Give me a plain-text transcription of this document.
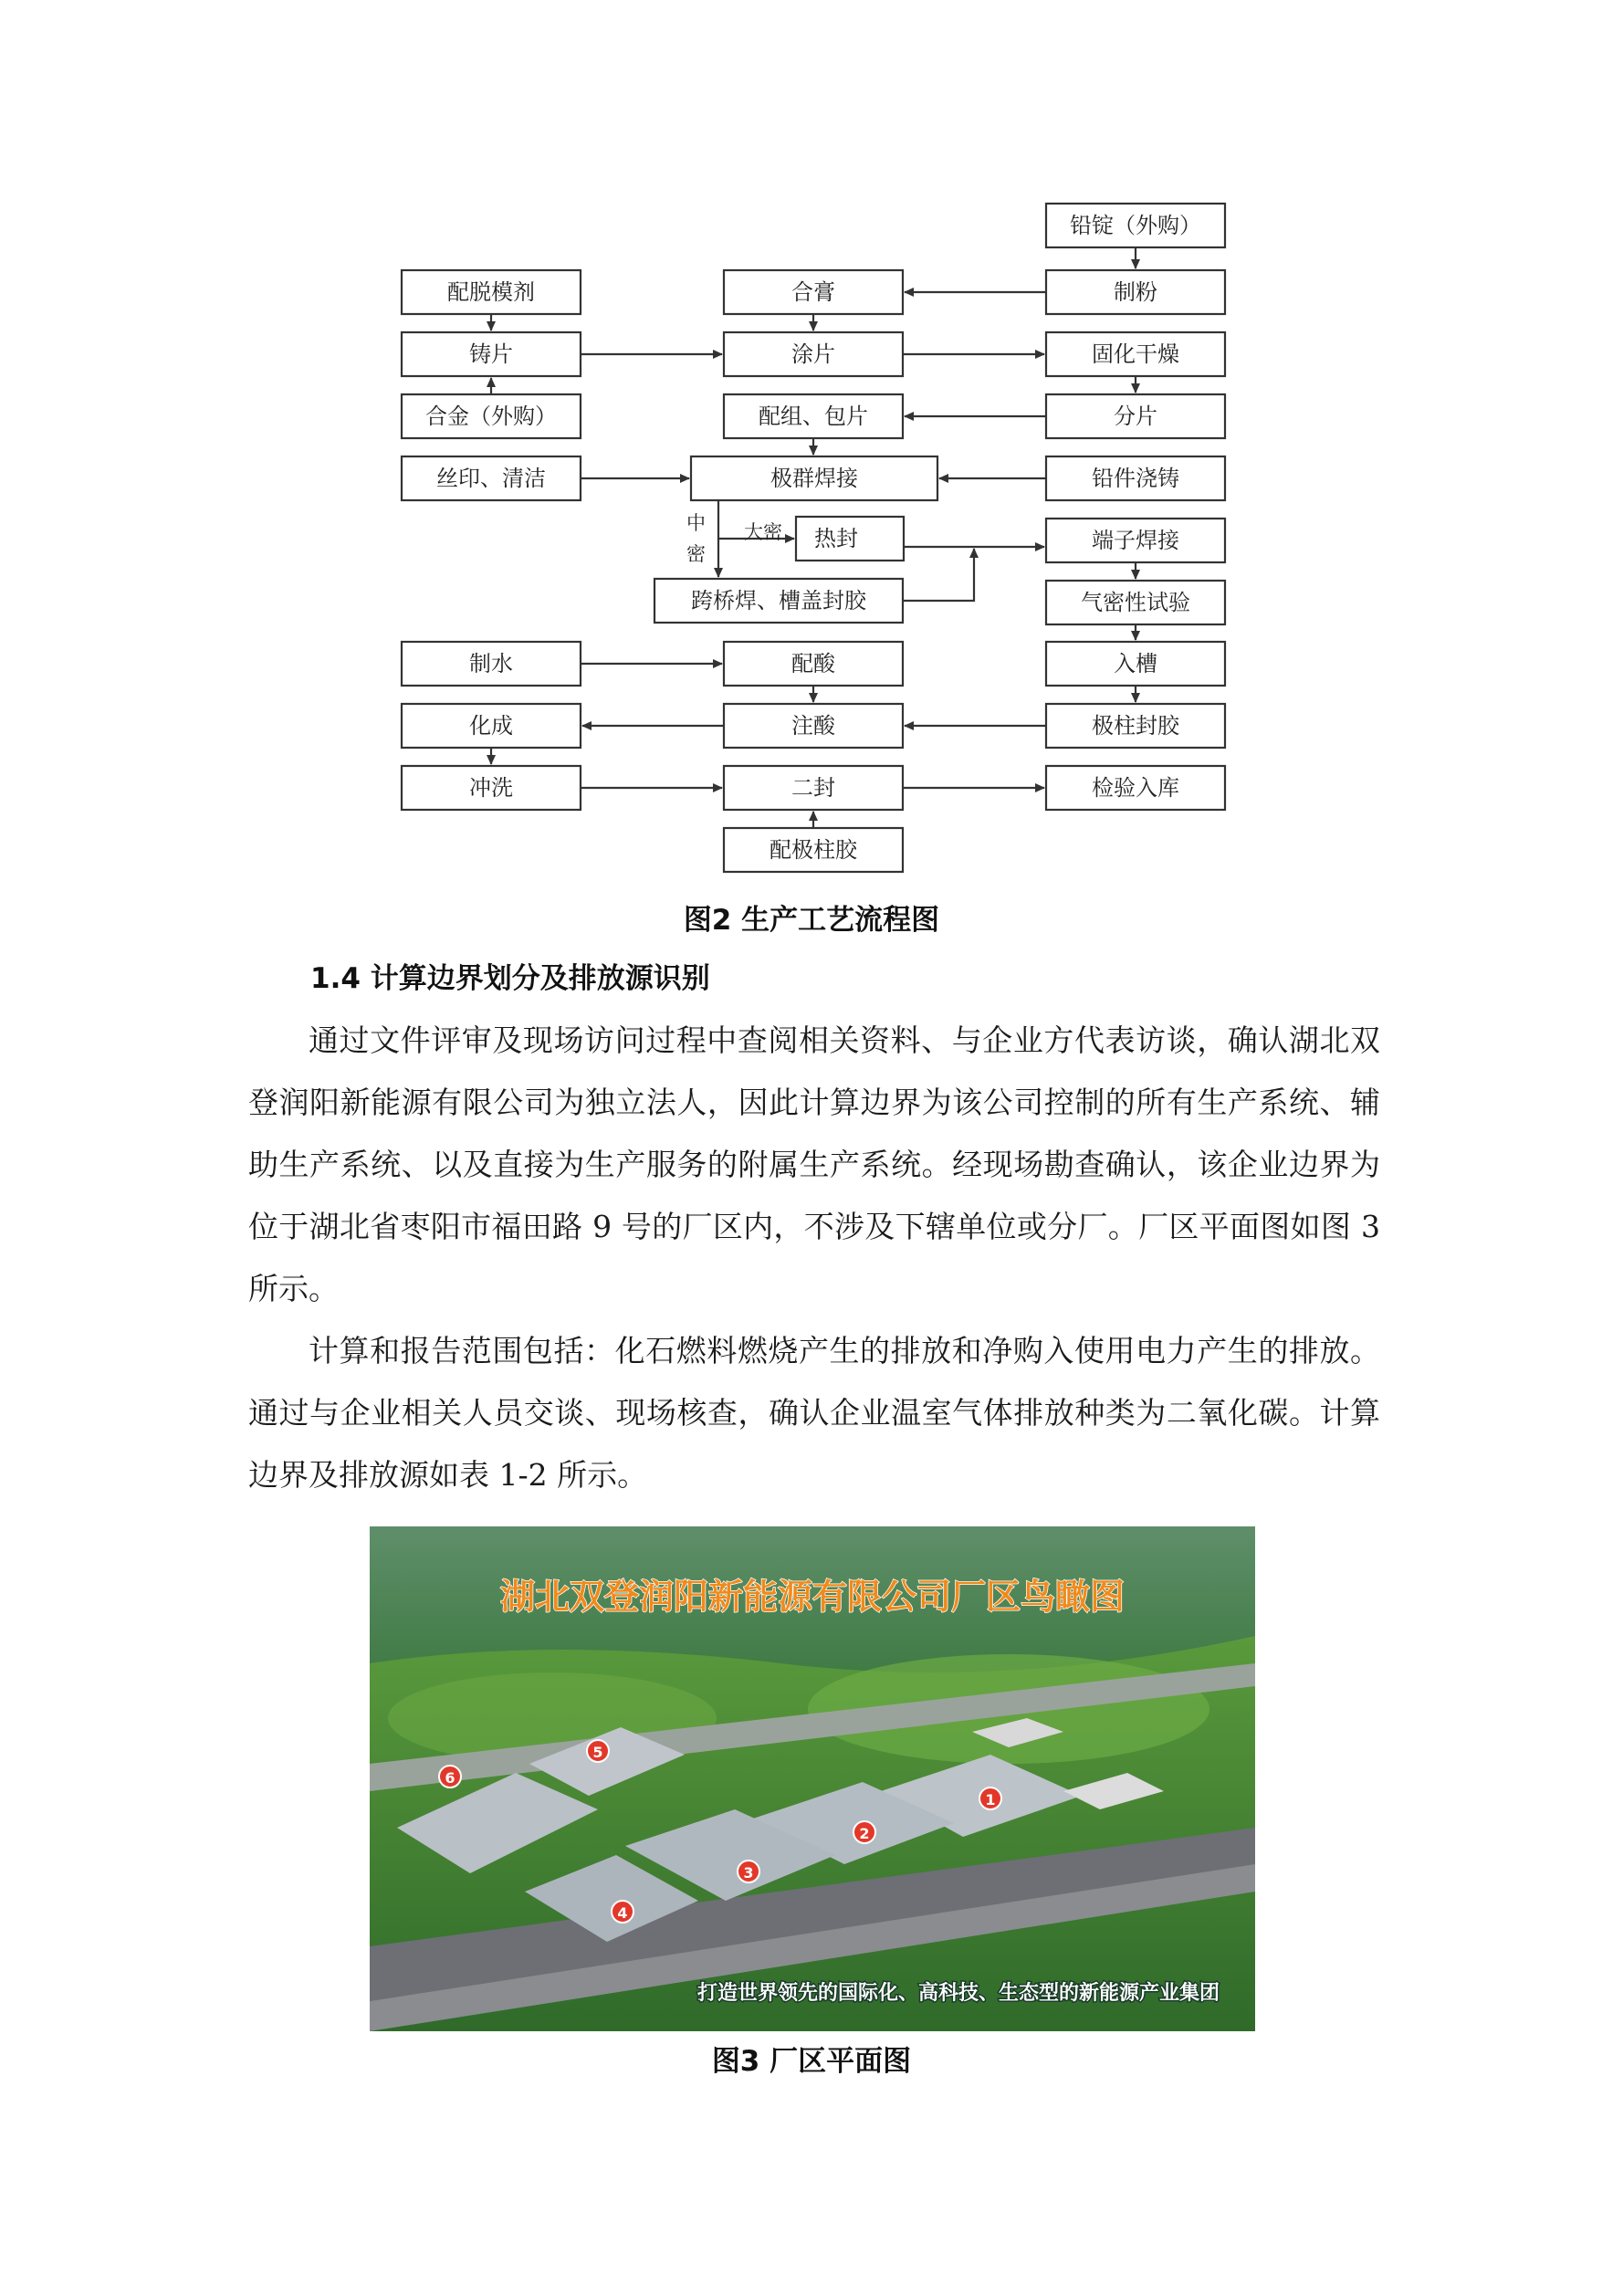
配脱模剂
铸片
合金（外购）
丝印、清洁
制水
化成
冲洗
合膏
涂片
配组、包片
极群焊接
热封
跨桥焊、槽盖封胶
配酸
注酸
二封
配极柱胶
铅锭（外购）
制粉
固化干燥
分片
铅件浇铸
端子焊接
气密性试验
入槽
极柱封胶
检验入库
大密
中
密
图2 生产工艺流程图
1.4 计算边界划分及排放源识别
通过文件评审及现场访问过程中查阅相关资料、与企业方代表访谈，确认湖北双登润阳新能源有限公司为独立法人，因此计算边界为该公司控制的所有生产系统、辅助生产系统、以及直接为生产服务的附属生产系统。经现场勘查确认，该企业边界为位于湖北省枣阳市福田路 9 号的厂区内，不涉及下辖单位或分厂。厂区平面图如图 3 所示。
计算和报告范围包括：化石燃料燃烧产生的排放和净购入使用电力产生的排放。通过与企业相关人员交谈、现场核查，确认企业温室气体排放种类为二氧化碳。计算边界及排放源如表 1-2 所示。
1
2
3
4
5
6
湖北双登润阳新能源有限公司厂区鸟瞰图
打造世界领先的国际化、高科技、生态型的新能源产业集团
图3 厂区平面图
